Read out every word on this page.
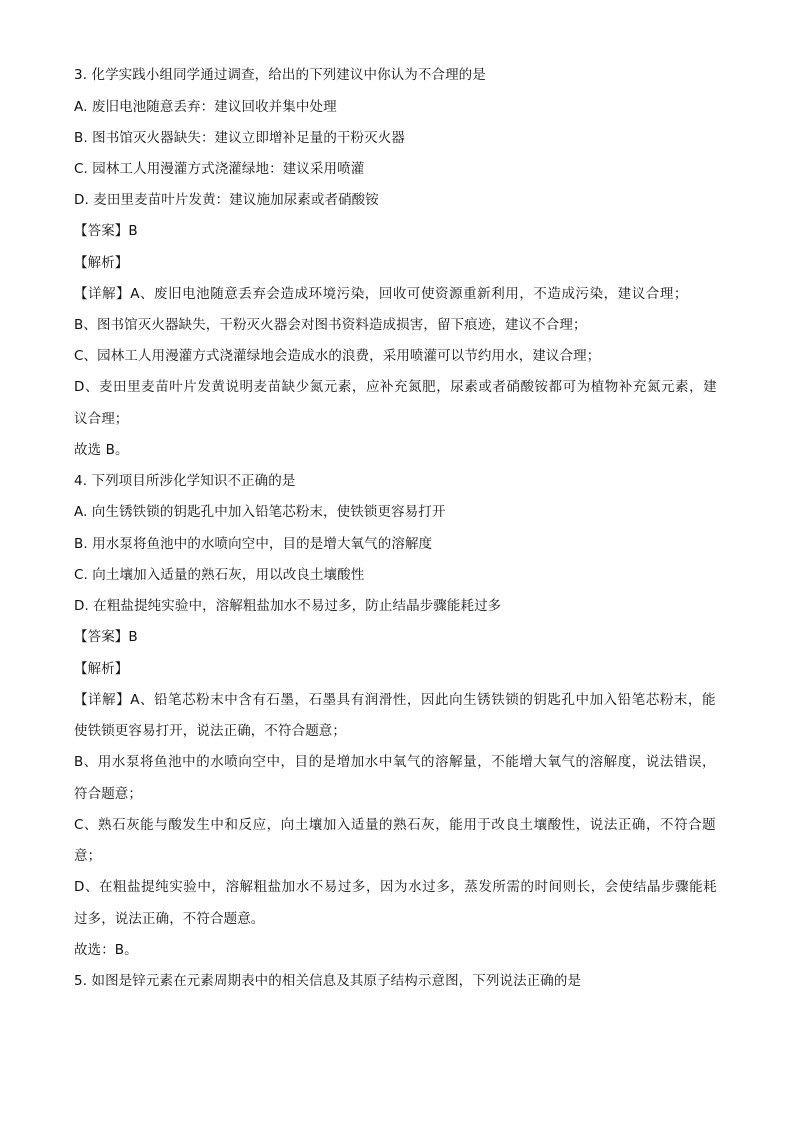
3. 化学实践小组同学通过调查，给出的下列建议中你认为不合理的是
A. 废旧电池随意丢弃：建议回收并集中处理
B. 图书馆灭火器缺失：建议立即增补足量的干粉灭火器
C. 园林工人用漫灌方式浇灌绿地：建议采用喷灌
D. 麦田里麦苗叶片发黄：建议施加尿素或者硝酸铵
【答案】B
【解析】
【详解】A、废旧电池随意丢弃会造成环境污染，回收可使资源重新利用，不造成污染，建议合理；
B、图书馆灭火器缺失，干粉灭火器会对图书资料造成损害，留下痕迹，建议不合理；
C、园林工人用漫灌方式浇灌绿地会造成水的浪费，采用喷灌可以节约用水，建议合理；
D、麦田里麦苗叶片发黄说明麦苗缺少氮元素，应补充氮肥，尿素或者硝酸铵都可为植物补充氮元素，建
议合理；
故选 B。
4. 下列项目所涉化学知识不正确的是
A. 向生锈铁锁的钥匙孔中加入铅笔芯粉末，使铁锁更容易打开
B. 用水泵将鱼池中的水喷向空中，目的是增大氧气的溶解度
C. 向土壤加入适量的熟石灰，用以改良土壤酸性
D. 在粗盐提纯实验中，溶解粗盐加水不易过多，防止结晶步骤能耗过多
【答案】B
【解析】
【详解】A、铅笔芯粉末中含有石墨，石墨具有润滑性，因此向生锈铁锁的钥匙孔中加入铅笔芯粉末，能
使铁锁更容易打开，说法正确，不符合题意；
B、用水泵将鱼池中的水喷向空中，目的是增加水中氧气的溶解量，不能增大氧气的溶解度，说法错误，
符合题意；
C、熟石灰能与酸发生中和反应，向土壤加入适量的熟石灰，能用于改良土壤酸性，说法正确，不符合题
意；
D、在粗盐提纯实验中，溶解粗盐加水不易过多，因为水过多，蒸发所需的时间则长，会使结晶步骤能耗
过多，说法正确，不符合题意。
故选：B。
5. 如图是锌元素在元素周期表中的相关信息及其原子结构示意图，下列说法正确的是
